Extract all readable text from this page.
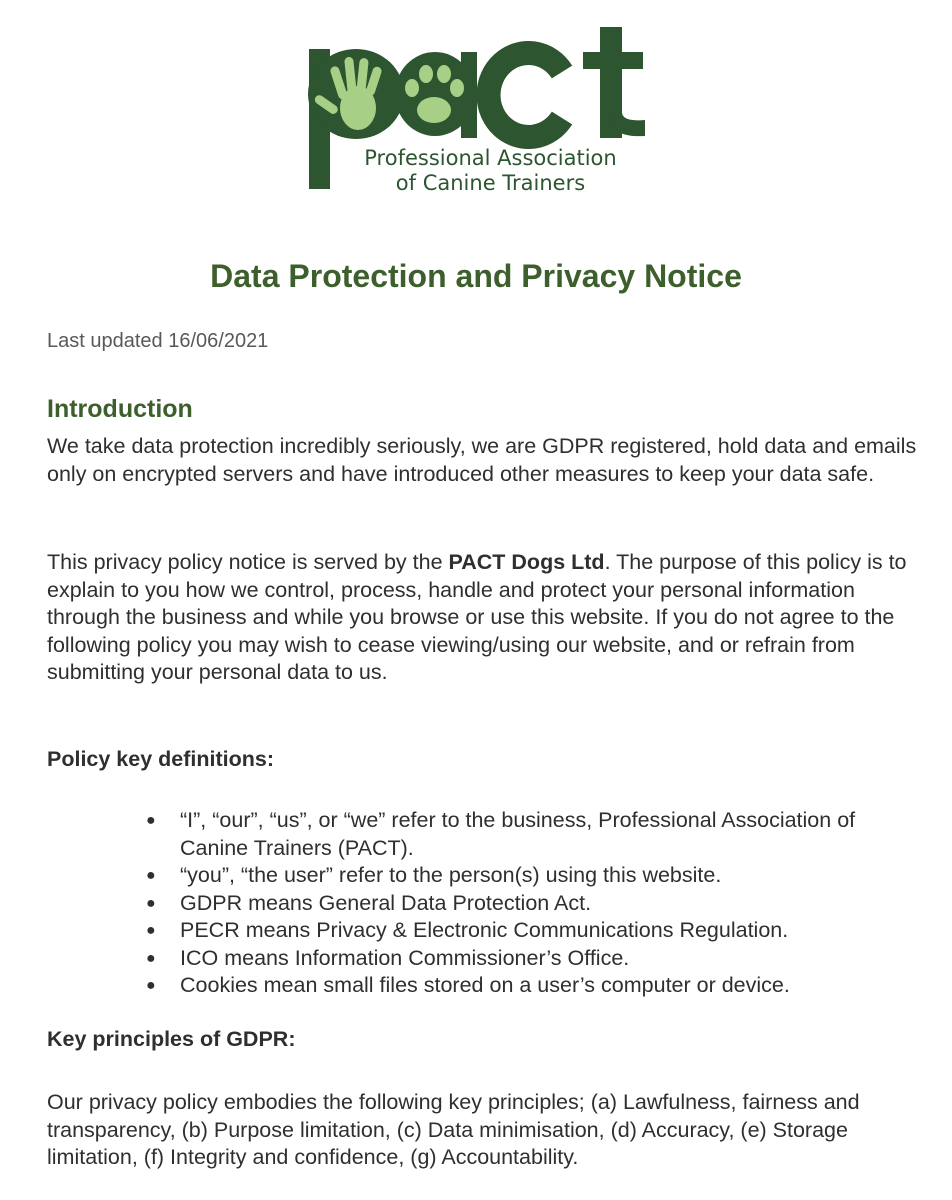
Professional Association
of Canine Trainers
Data Protection and Privacy Notice

Last updated 16/06/2021

Introduction

We take data protection incredibly seriously, we are GDPR registered, hold data and emails only on encrypted servers and have introduced other measures to keep your data safe.

This privacy policy notice is served by the PACT Dogs Ltd. The purpose of this policy is to explain to you how we control, process, handle and protect your personal information through the business and while you browse or use this website. If you do not agree to the following policy you may wish to cease viewing/using our website, and or refrain from submitting your personal data to us.

Policy key definitions:

● “I”, “our”, “us”, or “we” refer to the business, Professional Association of Canine Trainers (PACT).
● “you”, “the user” refer to the person(s) using this website.
● GDPR means General Data Protection Act.
● PECR means Privacy & Electronic Communications Regulation.
● ICO means Information Commissioner’s Office.
● Cookies mean small files stored on a user’s computer or device.

Key principles of GDPR:

Our privacy policy embodies the following key principles; (a) Lawfulness, fairness and transparency, (b) Purpose limitation, (c) Data minimisation, (d) Accuracy, (e) Storage limitation, (f) Integrity and confidence, (g) Accountability.
